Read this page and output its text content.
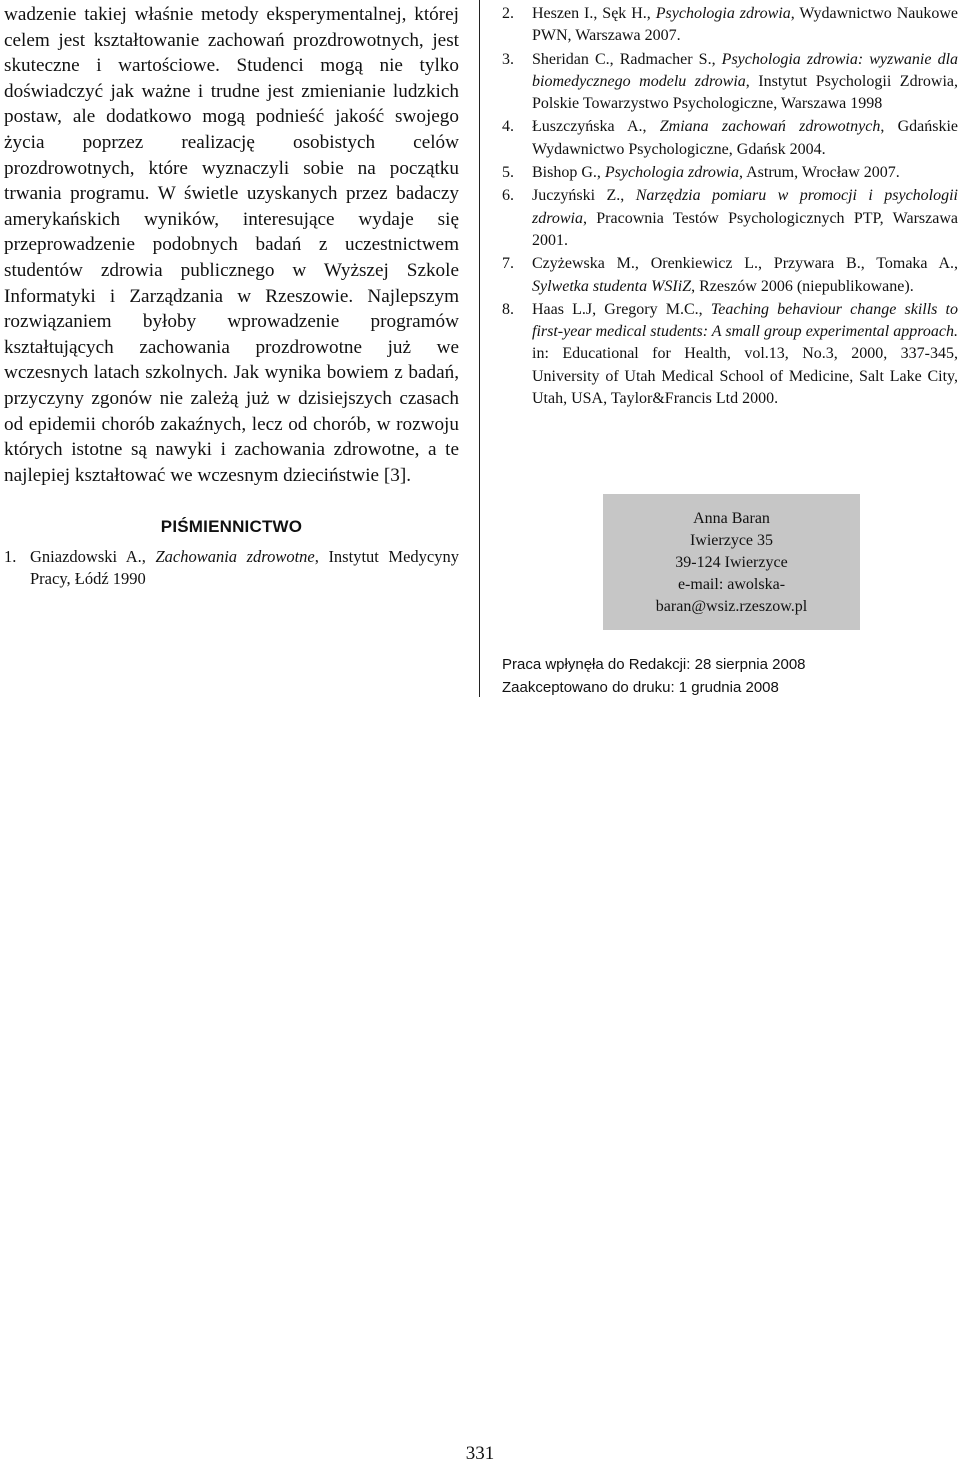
wadzenie takiej właśnie metody eksperymentalnej, której celem jest kształtowanie zachowań prozdrowotnych, jest skuteczne i wartościowe. Studenci mogą nie tylko doświadczyć jak ważne i trudne jest zmienianie ludzkich postaw, ale dodatkowo mogą podnieść jakość swojego życia poprzez realizację osobistych celów prozdrowotnych, które wyznaczyli sobie na początku trwania programu. W świetle uzyskanych przez badaczy amerykańskich wyników, interesujące wydaje się przeprowadzenie podobnych badań z uczestnictwem studentów zdrowia publicznego w Wyższej Szkole Informatyki i Zarządzania w Rzeszowie. Najlepszym rozwiązaniem byłoby wprowadzenie programów kształtujących zachowania prozdrowotne już we wczesnych latach szkolnych. Jak wynika bowiem z badań, przyczyny zgonów nie zależą już w dzisiejszych czasach od epidemii chorób zakaźnych, lecz od chorób, w rozwoju których istotne są nawyki i zachowania zdrowotne, a te najlepiej kształtować we wczesnym dzieciństwie [3].

PIŚMIENNICTWO
1. Gniazdowski A., Zachowania zdrowotne, Instytut Medycyny Pracy, Łódź 1990
2.	Heszen I., Sęk H., Psychologia zdrowia, Wydawnictwo Naukowe PWN, Warszawa 2007.
3.	Sheridan C., Radmacher S., Psychologia zdrowia: wyzwanie dla biomedycznego modelu zdrowia, Instytut Psychologii Zdrowia, Polskie Towarzystwo Psychologiczne, Warszawa 1998
4.	Łuszczyńska A., Zmiana zachowań zdrowotnych, Gdańskie Wydawnictwo Psychologiczne, Gdańsk 2004.
5.	Bishop G., Psychologia zdrowia, Astrum, Wrocław 2007.
6.	Juczyński Z., Narzędzia pomiaru w promocji i psychologii zdrowia, Pracownia Testów Psychologicznych PTP, Warszawa 2001.
7.	Czyżewska M., Orenkiewicz L., Przywara B., Tomaka A., Sylwetka studenta WSIiZ, Rzeszów 2006 (niepublikowane).
8.	Haas L.J, Gregory M.C., Teaching behaviour change skills to first-year medical students: A small group experimental approach. in: Educational for Health, vol.13, No.3, 2000, 337-345, University of Utah Medical School of Medicine, Salt Lake City, Utah, USA, Taylor&Francis Ltd 2000.
Anna Baran
Iwierzyce 35
39-124 Iwierzyce
e-mail: awolska-
baran@wsiz.rzeszow.pl
Praca wpłynęła do Redakcji: 28 sierpnia 2008
Zaakceptowano do druku: 1 grudnia 2008
331
